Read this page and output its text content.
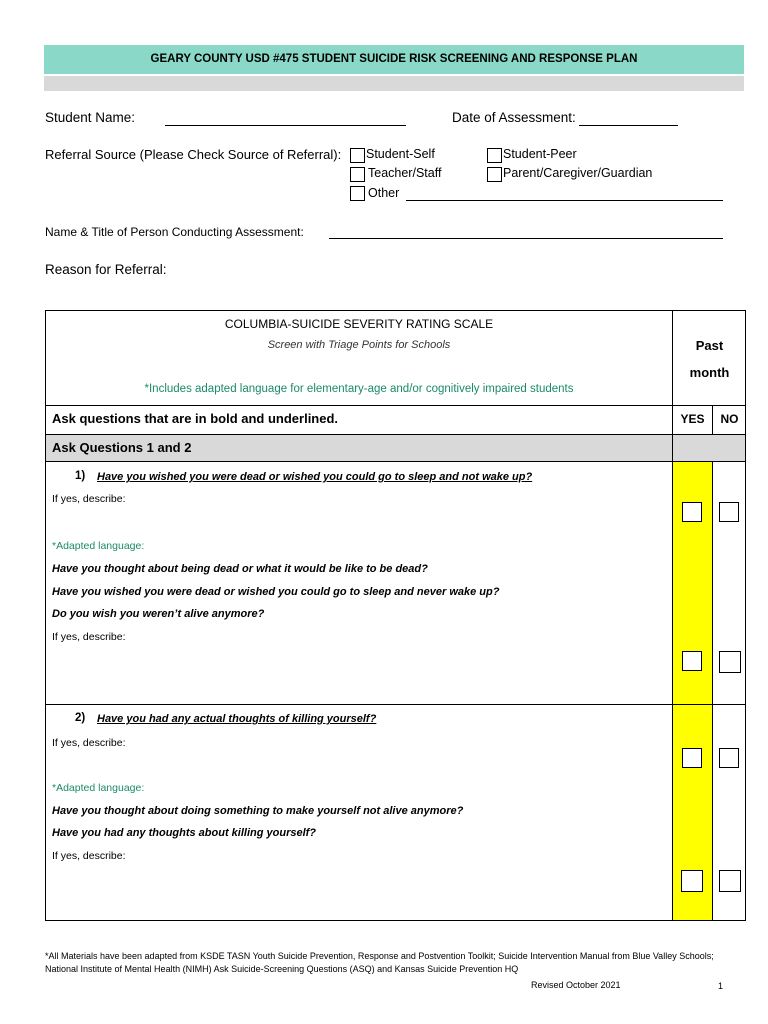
GEARY COUNTY USD #475 STUDENT SUICIDE RISK SCREENING AND RESPONSE PLAN
Student Name:	Date of Assessment:
Referral Source (Please Check Source of Referral): Student-Self	Student-Peer
Teacher/Staff	Parent/Caregiver/Guardian
Other
Name & Title of Person Conducting Assessment:
Reason for Referral:
COLUMBIA-SUICIDE SEVERITY RATING SCALE
Screen with Triage Points for Schools
*Includes adapted language for elementary-age and/or cognitively impaired students
Past
month
Ask questions that are in bold and underlined.	YES	NO
Ask Questions 1 and 2
1) Have you wished you were dead or wished you could go to sleep and not wake up?
If yes, describe:
*Adapted language:
Have you thought about being dead or what it would be like to be dead?
Have you wished you were dead or wished you could go to sleep and never wake up?
Do you wish you weren’t alive anymore?
If yes, describe:
2) Have you had any actual thoughts of killing yourself?
If yes, describe:
*Adapted language:
Have you thought about doing something to make yourself not alive anymore?
Have you had any thoughts about killing yourself?
If yes, describe:
*All Materials have been adapted from KSDE TASN Youth Suicide Prevention, Response and Postvention Toolkit; Suicide Intervention Manual from Blue Valley Schools; National Institute of Mental Health (NIMH) Ask Suicide-Screening Questions (ASQ) and Kansas Suicide Prevention HQ
Revised October 2021	1
